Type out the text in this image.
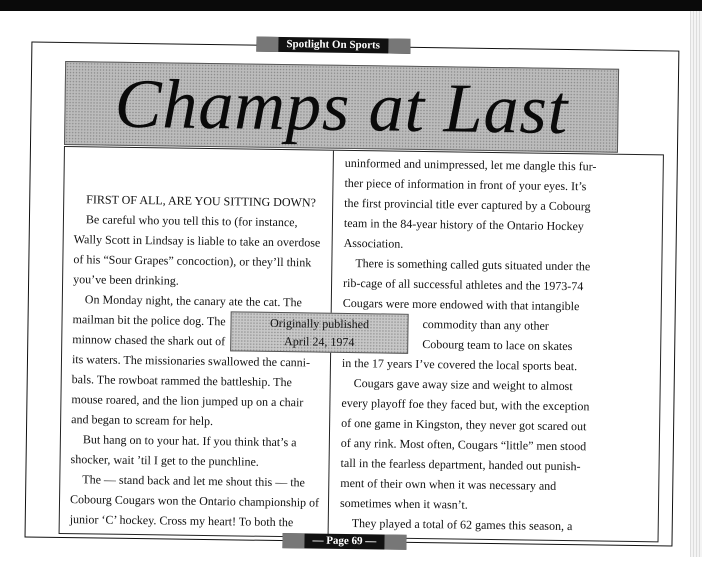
Spotlight On Sports
Champs at Last
FIRST OF ALL, ARE YOU SITTING DOWN?
Be careful who you tell this to (for instance,
Wally Scott in Lindsay is liable to take an overdose
of his “Sour Grapes” concoction), or they’ll think
you’ve been drinking.
On Monday night, the canary ate the cat. The
mailman bit the police dog. The
minnow chased the shark out of
its waters. The missionaries swallowed the canni-
bals. The rowboat rammed the battleship. The
mouse roared, and the lion jumped up on a chair
and began to scream for help.
But hang on to your hat. If you think that’s a
shocker, wait ’til I get to the punchline.
The — stand back and let me shout this — the
Cobourg Cougars won the Ontario championship of
junior ‘C’ hockey. Cross my heart! To both the
Originally published
April 24, 1974
uninformed and unimpressed, let me dangle this fur-
ther piece of information in front of your eyes. It’s
the first provincial title ever captured by a Cobourg
team in the 84-year history of the Ontario Hockey
Association.
There is something called guts situated under the
rib-cage of all successful athletes and the 1973-74
Cougars were more endowed with that intangible
commodity than any other
Cobourg team to lace on skates
in the 17 years I’ve covered the local sports beat.
Cougars gave away size and weight to almost
every playoff foe they faced but, with the exception
of one game in Kingston, they never got scared out
of any rink. Most often, Cougars “little” men stood
tall in the fearless department, handed out punish-
ment of their own when it was necessary and
sometimes when it wasn’t.
They played a total of 62 games this season, a
— Page 69 —
